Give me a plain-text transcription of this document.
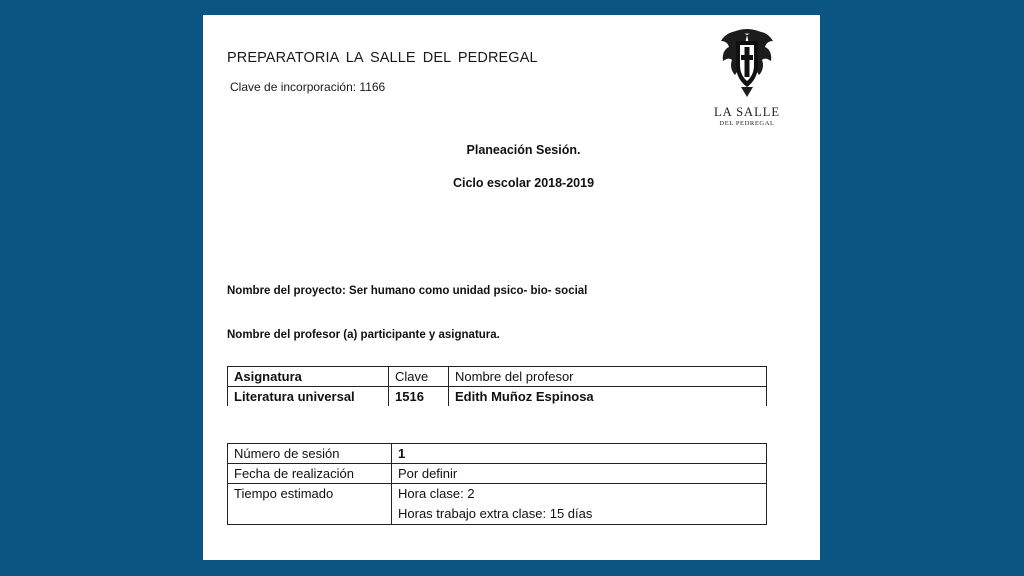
PREPARATORIA LA SALLE DEL PEDREGAL
Clave de incorporación: 1166
LA SALLE
DEL PEDREGAL
Planeación Sesión.
Ciclo escolar 2018-2019
Nombre del proyecto: Ser humano como unidad psico- bio- social
Nombre del profesor (a) participante y asignatura.
Asignatura	Clave	Nombre del profesor
Literatura universal	1516	Edith Muñoz Espinosa
Número de sesión	1
Fecha de realización	Por definir
Tiempo estimado	Hora clase: 2
Horas trabajo extra clase: 15 días
